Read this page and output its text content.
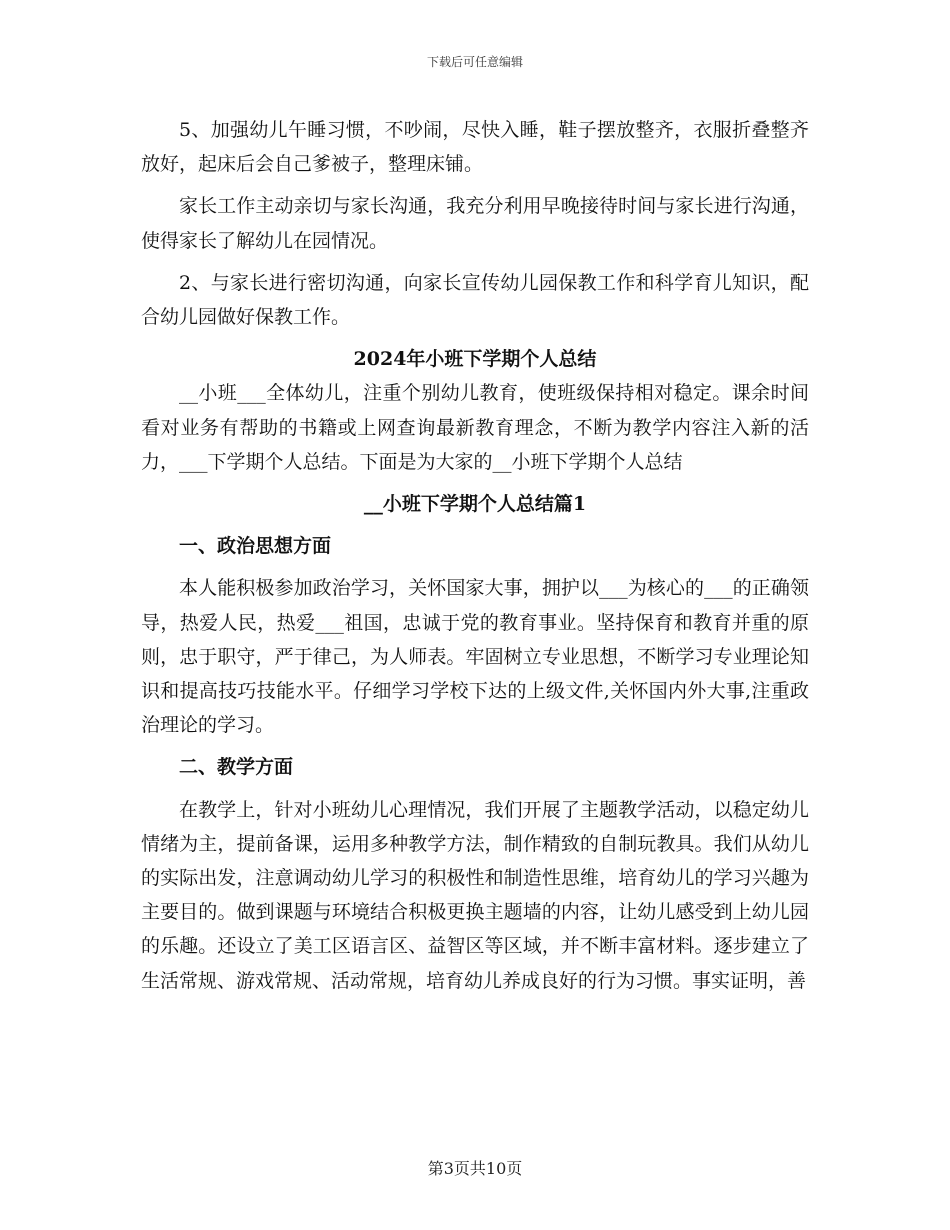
下载后可任意编辑

5、加强幼儿午睡习惯，不吵闹，尽快入睡，鞋子摆放整齐，衣服折叠整齐放好，起床后会自己爹被子，整理床铺。

家长工作主动亲切与家长沟通，我充分利用早晚接待时间与家长进行沟通，使得家长了解幼儿在园情况。

2、与家长进行密切沟通，向家长宣传幼儿园保教工作和科学育儿知识，配合幼儿园做好保教工作。

2024年小班下学期个人总结

__小班___全体幼儿，注重个别幼儿教育，使班级保持相对稳定。课余时间看对业务有帮助的书籍或上网查询最新教育理念，不断为教学内容注入新的活力，___下学期个人总结。下面是为大家的__小班下学期个人总结

__小班下学期个人总结篇1
一、政治思想方面

本人能积极参加政治学习，关怀国家大事，拥护以___为核心的___的正确领导，热爱人民，热爱___祖国，忠诚于党的教育事业。坚持保育和教育并重的原则，忠于职守，严于律己，为人师表。牢固树立专业思想，不断学习专业理论知识和提高技巧技能水平。仔细学习学校下达的上级文件,关怀国内外大事,注重政治理论的学习。

二、教学方面

在教学上，针对小班幼儿心理情况，我们开展了主题教学活动，以稳定幼儿情绪为主，提前备课，运用多种教学方法，制作精致的自制玩教具。我们从幼儿的实际出发，注意调动幼儿学习的积极性和制造性思维，培育幼儿的学习兴趣为主要目的。做到课题与环境结合积极更换主题墙的内容，让幼儿感受到上幼儿园的乐趣。还设立了美工区语言区、益智区等区域，并不断丰富材料。逐步建立了生活常规、游戏常规、活动常规，培育幼儿养成良好的行为习惯。事实证明，善

第3页共10页
